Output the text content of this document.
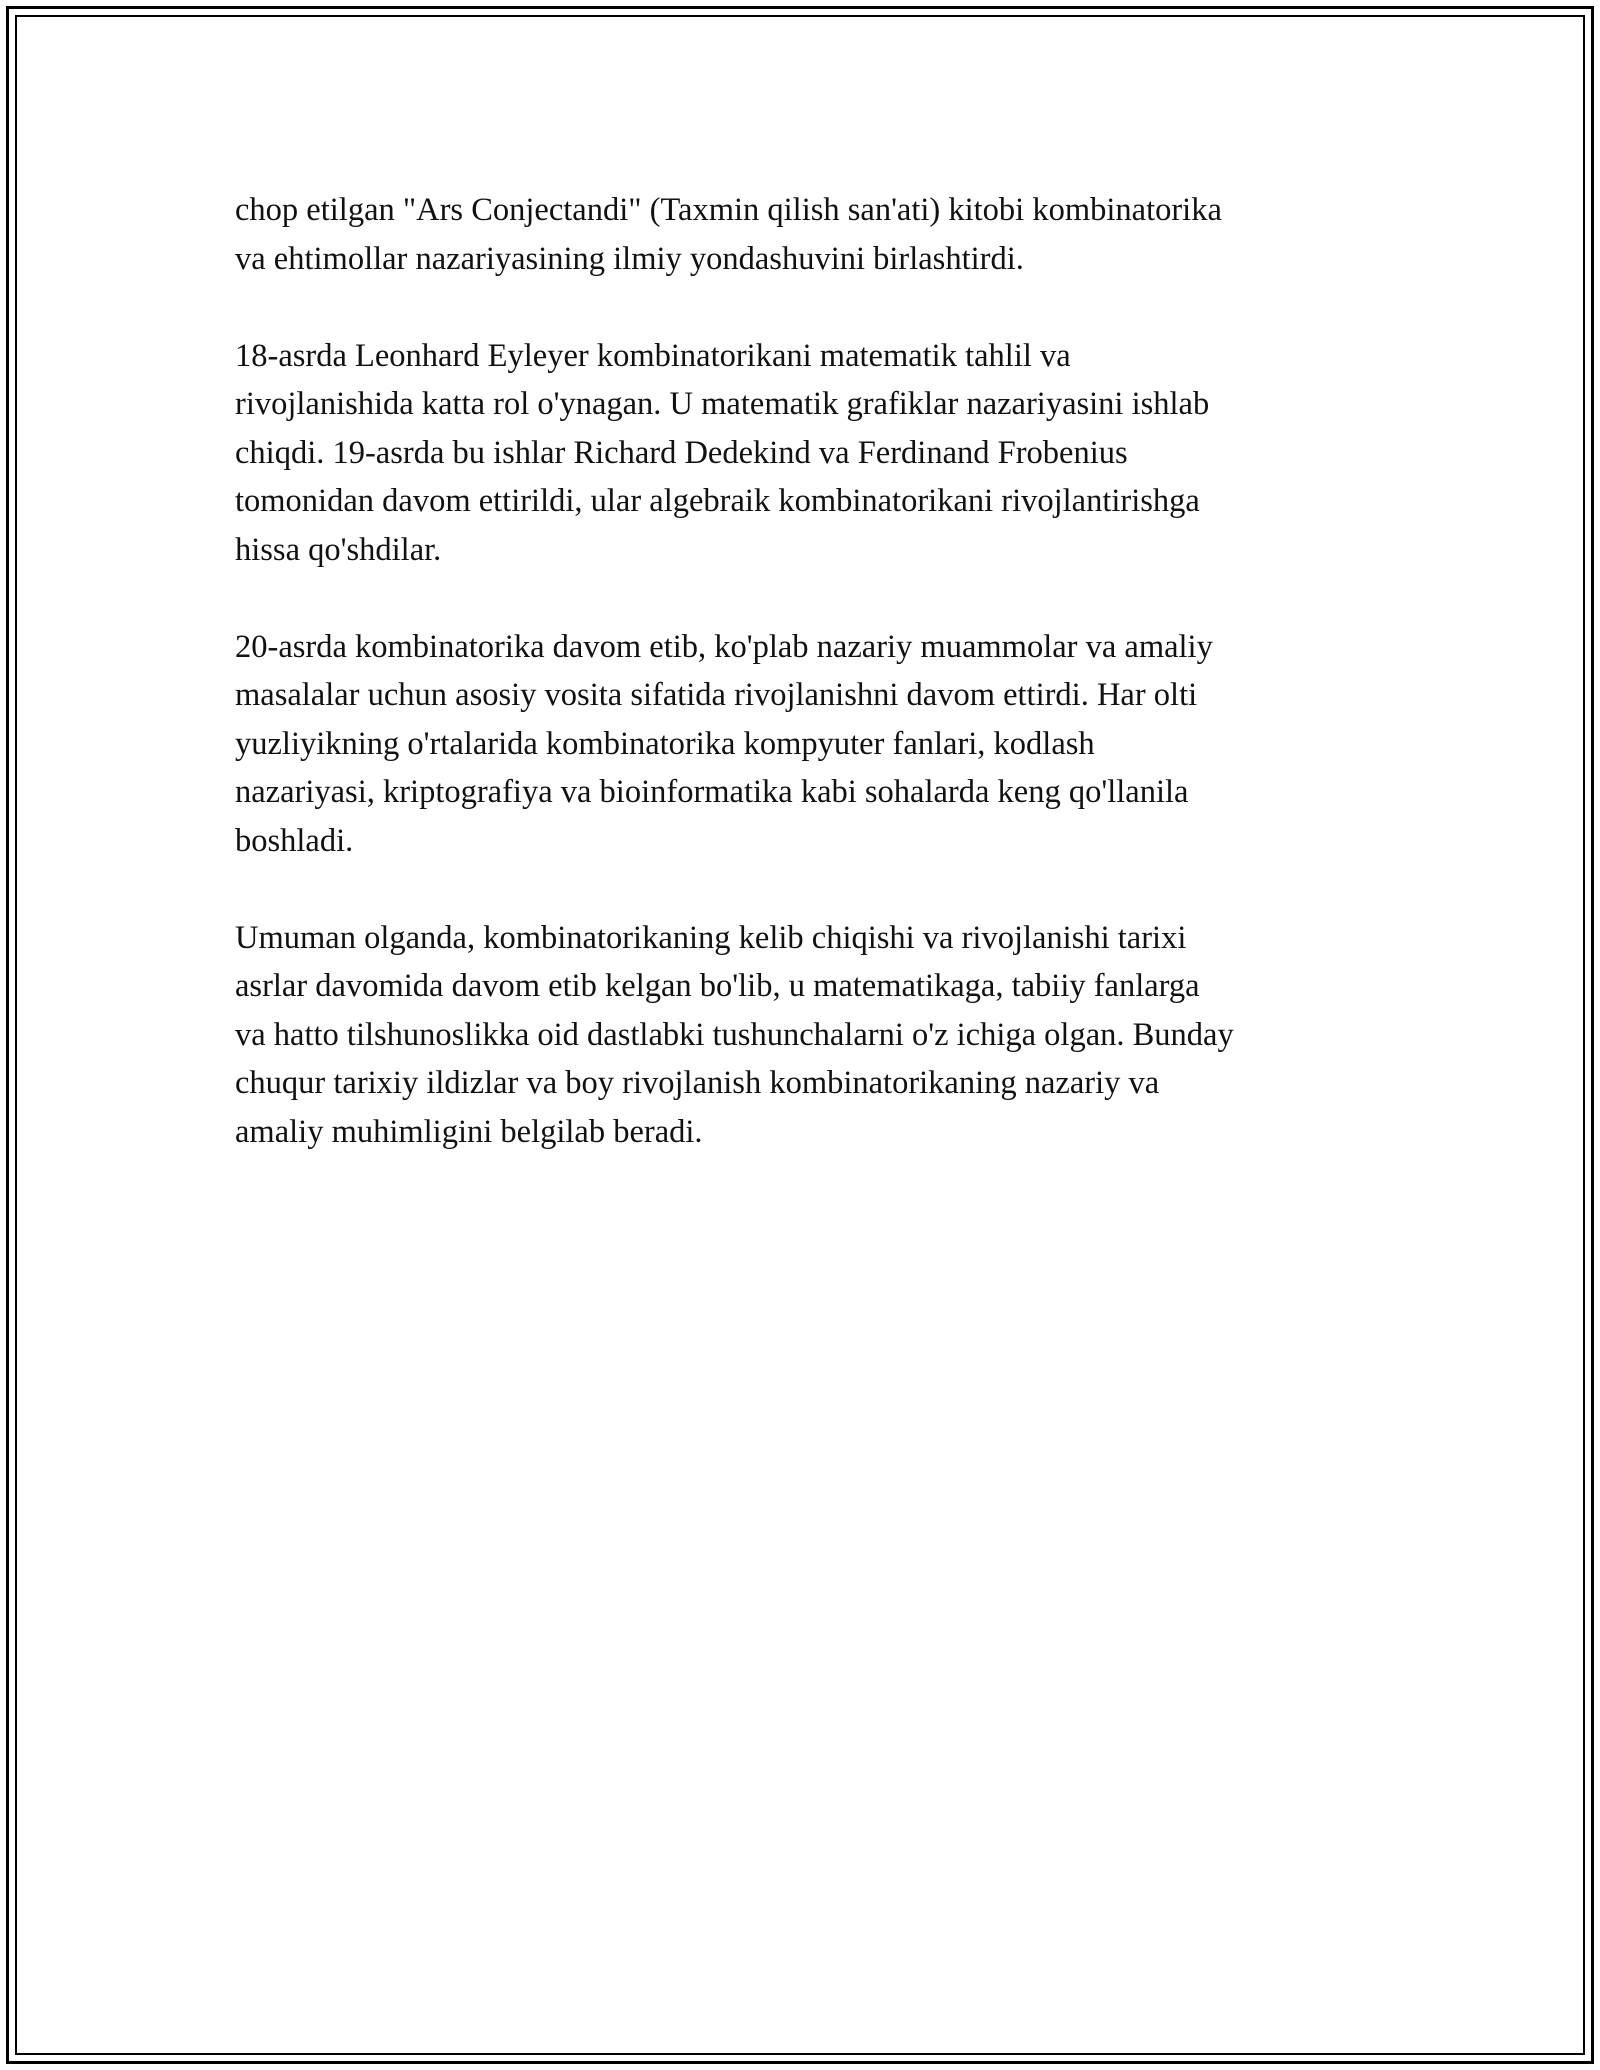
chop etilgan "Ars Conjectandi" (Taxmin qilish san'ati) kitobi kombinatorika
va ehtimollar nazariyasining ilmiy yondashuvini birlashtirdi.

18-asrda Leonhard Eyleyer kombinatorikani matematik tahlil va
rivojlanishida katta rol o'ynagan. U matematik grafiklar nazariyasini ishlab
chiqdi. 19-asrda bu ishlar Richard Dedekind va Ferdinand Frobenius
tomonidan davom ettirildi, ular algebraik kombinatorikani rivojlantirishga
hissa qo'shdilar.

20-asrda kombinatorika davom etib, ko'plab nazariy muammolar va amaliy
masalalar uchun asosiy vosita sifatida rivojlanishni davom ettirdi. Har olti
yuzliyikning o'rtalarida kombinatorika kompyuter fanlari, kodlash
nazariyasi, kriptografiya va bioinformatika kabi sohalarda keng qo'llanila
boshladi.

Umuman olganda, kombinatorikaning kelib chiqishi va rivojlanishi tarixi
asrlar davomida davom etib kelgan bo'lib, u matematikaga, tabiiy fanlarga
va hatto tilshunoslikka oid dastlabki tushunchalarni o'z ichiga olgan. Bunday
chuqur tarixiy ildizlar va boy rivojlanish kombinatorikaning nazariy va
amaliy muhimligini belgilab beradi.
